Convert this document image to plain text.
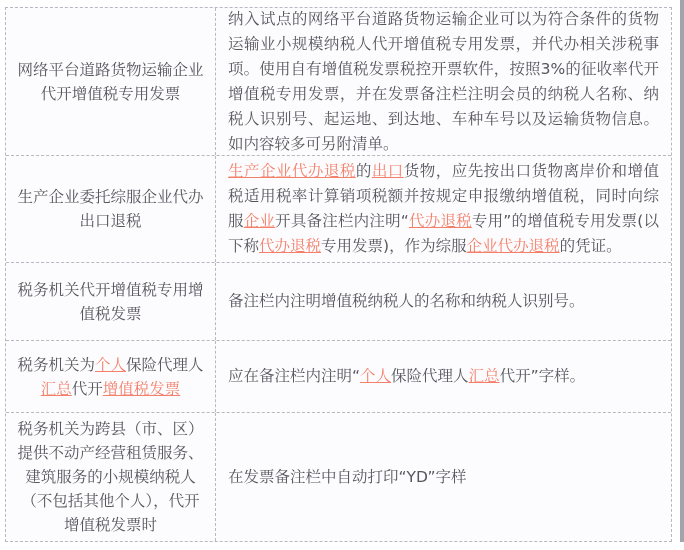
网络平台道路货物运输企业代开增值税专用发票
纳入试点的网络平台道路货物运输企业可以为符合条件的货物运输业小规模纳税人代开增值税专用发票，并代办相关涉税事项。使用自有增值税发票税控开票软件，按照3%的征收率代开增值税专用发票，并在发票备注栏注明会员的纳税人名称、纳税人识别号、起运地、到达地、车种车号以及运输货物信息。如内容较多可另附清单。
生产企业委托综服企业代办出口退税
生产企业代办退税的出口货物，应先按出口货物离岸价和增值税适用税率计算销项税额并按规定申报缴纳增值税，同时向综服企业开具备注栏内注明“代办退税专用”的增值税专用发票(以下称代办退税专用发票)，作为综服企业代办退税的凭证。
税务机关代开增值税专用增值税发票
备注栏内注明增值税纳税人的名称和纳税人识别号。
税务机关为个人保险代理人汇总代开增值税发票
应在备注栏内注明“个人保险代理人汇总代开”字样。
税务机关为跨县（市、区）提供不动产经营租赁服务、建筑服务的小规模纳税人（不包括其他个人），代开增值税发票时
在发票备注栏中自动打印“YD”字样
